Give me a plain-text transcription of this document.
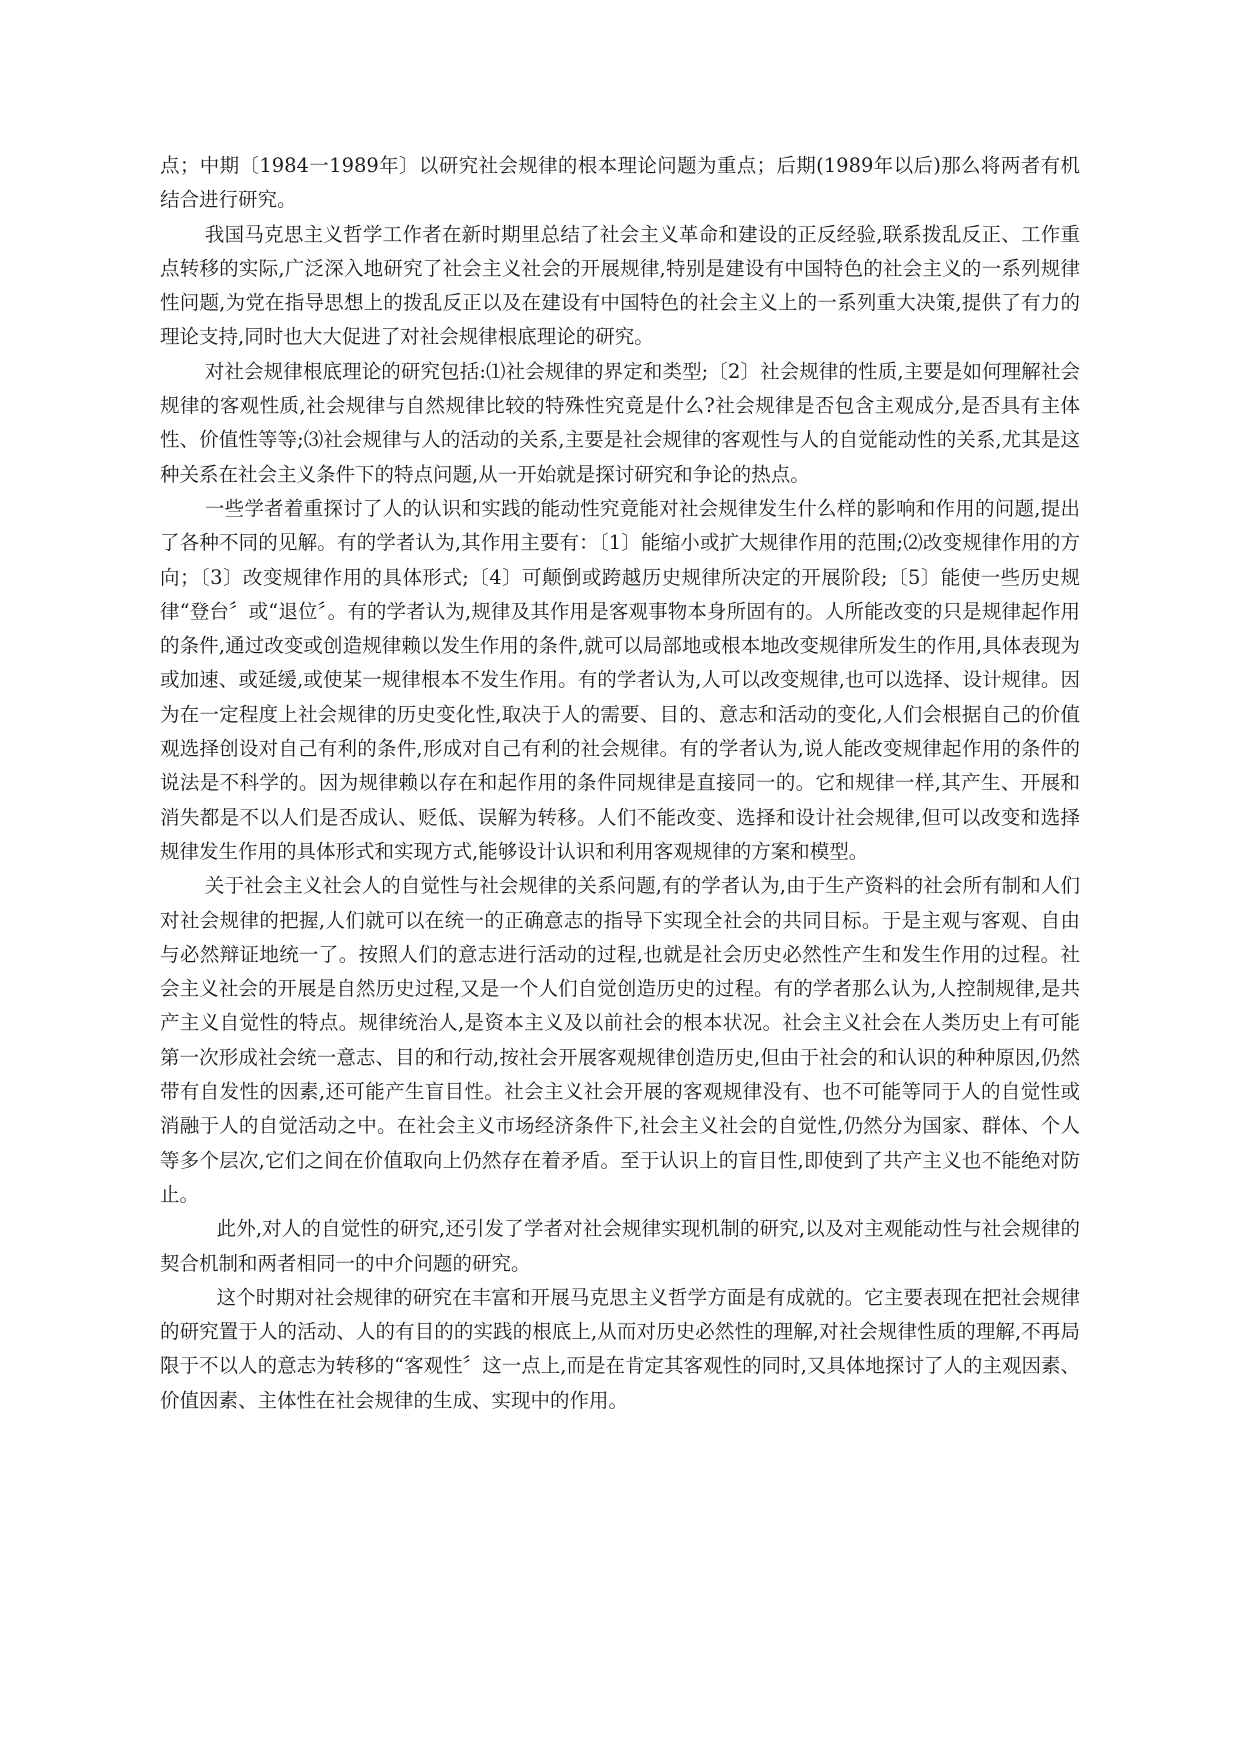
点；中期〔1984一1989年〕以研究社会规律的根本理论问题为重点；后期(1989年以后)那么将两者有机结合进行研究。

我国马克思主义哲学工作者在新时期里总结了社会主义革命和建设的正反经验,联系拨乱反正、工作重点转移的实际,广泛深入地研究了社会主义社会的开展规律,特别是建设有中国特色的社会主义的一系列规律性问题,为党在指导思想上的拨乱反正以及在建设有中国特色的社会主义上的一系列重大决策,提供了有力的理论支持,同时也大大促进了对社会规律根底理论的研究。

对社会规律根底理论的研究包括:⑴社会规律的界定和类型;〔2〕社会规律的性质,主要是如何理解社会规律的客观性质,社会规律与自然规律比较的特殊性究竟是什么?社会规律是否包含主观成分,是否具有主体性、价值性等等;⑶社会规律与人的活动的关系,主要是社会规律的客观性与人的自觉能动性的关系,尤其是这种关系在社会主义条件下的特点问题,从一开始就是探讨研究和争论的热点。

一些学者着重探讨了人的认识和实践的能动性究竟能对社会规律发生什么样的影响和作用的问题,提出了各种不同的见解。有的学者认为,其作用主要有：〔1〕能缩小或扩大规律作用的范围;⑵改变规律作用的方向；〔3〕改变规律作用的具体形式;〔4〕可颠倒或跨越历史规律所决定的开展阶段;〔5〕能使一些历史规律“登台〞或“退位〞。有的学者认为,规律及其作用是客观事物本身所固有的。人所能改变的只是规律起作用的条件,通过改变或创造规律赖以发生作用的条件,就可以局部地或根本地改变规律所发生的作用,具体表现为或加速、或延缓,或使某一规律根本不发生作用。有的学者认为,人可以改变规律,也可以选择、设计规律。因为在一定程度上社会规律的历史变化性,取决于人的需要、目的、意志和活动的变化,人们会根据自己的价值观选择创设对自己有利的条件,形成对自己有利的社会规律。有的学者认为,说人能改变规律起作用的条件的说法是不科学的。因为规律赖以存在和起作用的条件同规律是直接同一的。它和规律一样,其产生、开展和消失都是不以人们是否成认、贬低、误解为转移。人们不能改变、选择和设计社会规律,但可以改变和选择规律发生作用的具体形式和实现方式,能够设计认识和利用客观规律的方案和模型。

关于社会主义社会人的自觉性与社会规律的关系问题,有的学者认为,由于生产资料的社会所有制和人们对社会规律的把握,人们就可以在统一的正确意志的指导下实现全社会的共同目标。于是主观与客观、自由与必然辩证地统一了。按照人们的意志进行活动的过程,也就是社会历史必然性产生和发生作用的过程。社会主义社会的开展是自然历史过程,又是一个人们自觉创造历史的过程。有的学者那么认为,人控制规律,是共产主义自觉性的特点。规律统治人,是资本主义及以前社会的根本状况。社会主义社会在人类历史上有可能第一次形成社会统一意志、目的和行动,按社会开展客观规律创造历史,但由于社会的和认识的种种原因,仍然带有自发性的因素,还可能产生盲目性。社会主义社会开展的客观规律没有、也不可能等同于人的自觉性或消融于人的自觉活动之中。在社会主义市场经济条件下,社会主义社会的自觉性,仍然分为国家、群体、个人等多个层次,它们之间在价值取向上仍然存在着矛盾。至于认识上的盲目性,即使到了共产主义也不能绝对防止。

此外,对人的自觉性的研究,还引发了学者对社会规律实现机制的研究,以及对主观能动性与社会规律的契合机制和两者相同一的中介问题的研究。

这个时期对社会规律的研究在丰富和开展马克思主义哲学方面是有成就的。它主要表现在把社会规律的研究置于人的活动、人的有目的的实践的根底上,从而对历史必然性的理解,对社会规律性质的理解,不再局限于不以人的意志为转移的“客观性〞这一点上,而是在肯定其客观性的同时,又具体地探讨了人的主观因素、价值因素、主体性在社会规律的生成、实现中的作用。
